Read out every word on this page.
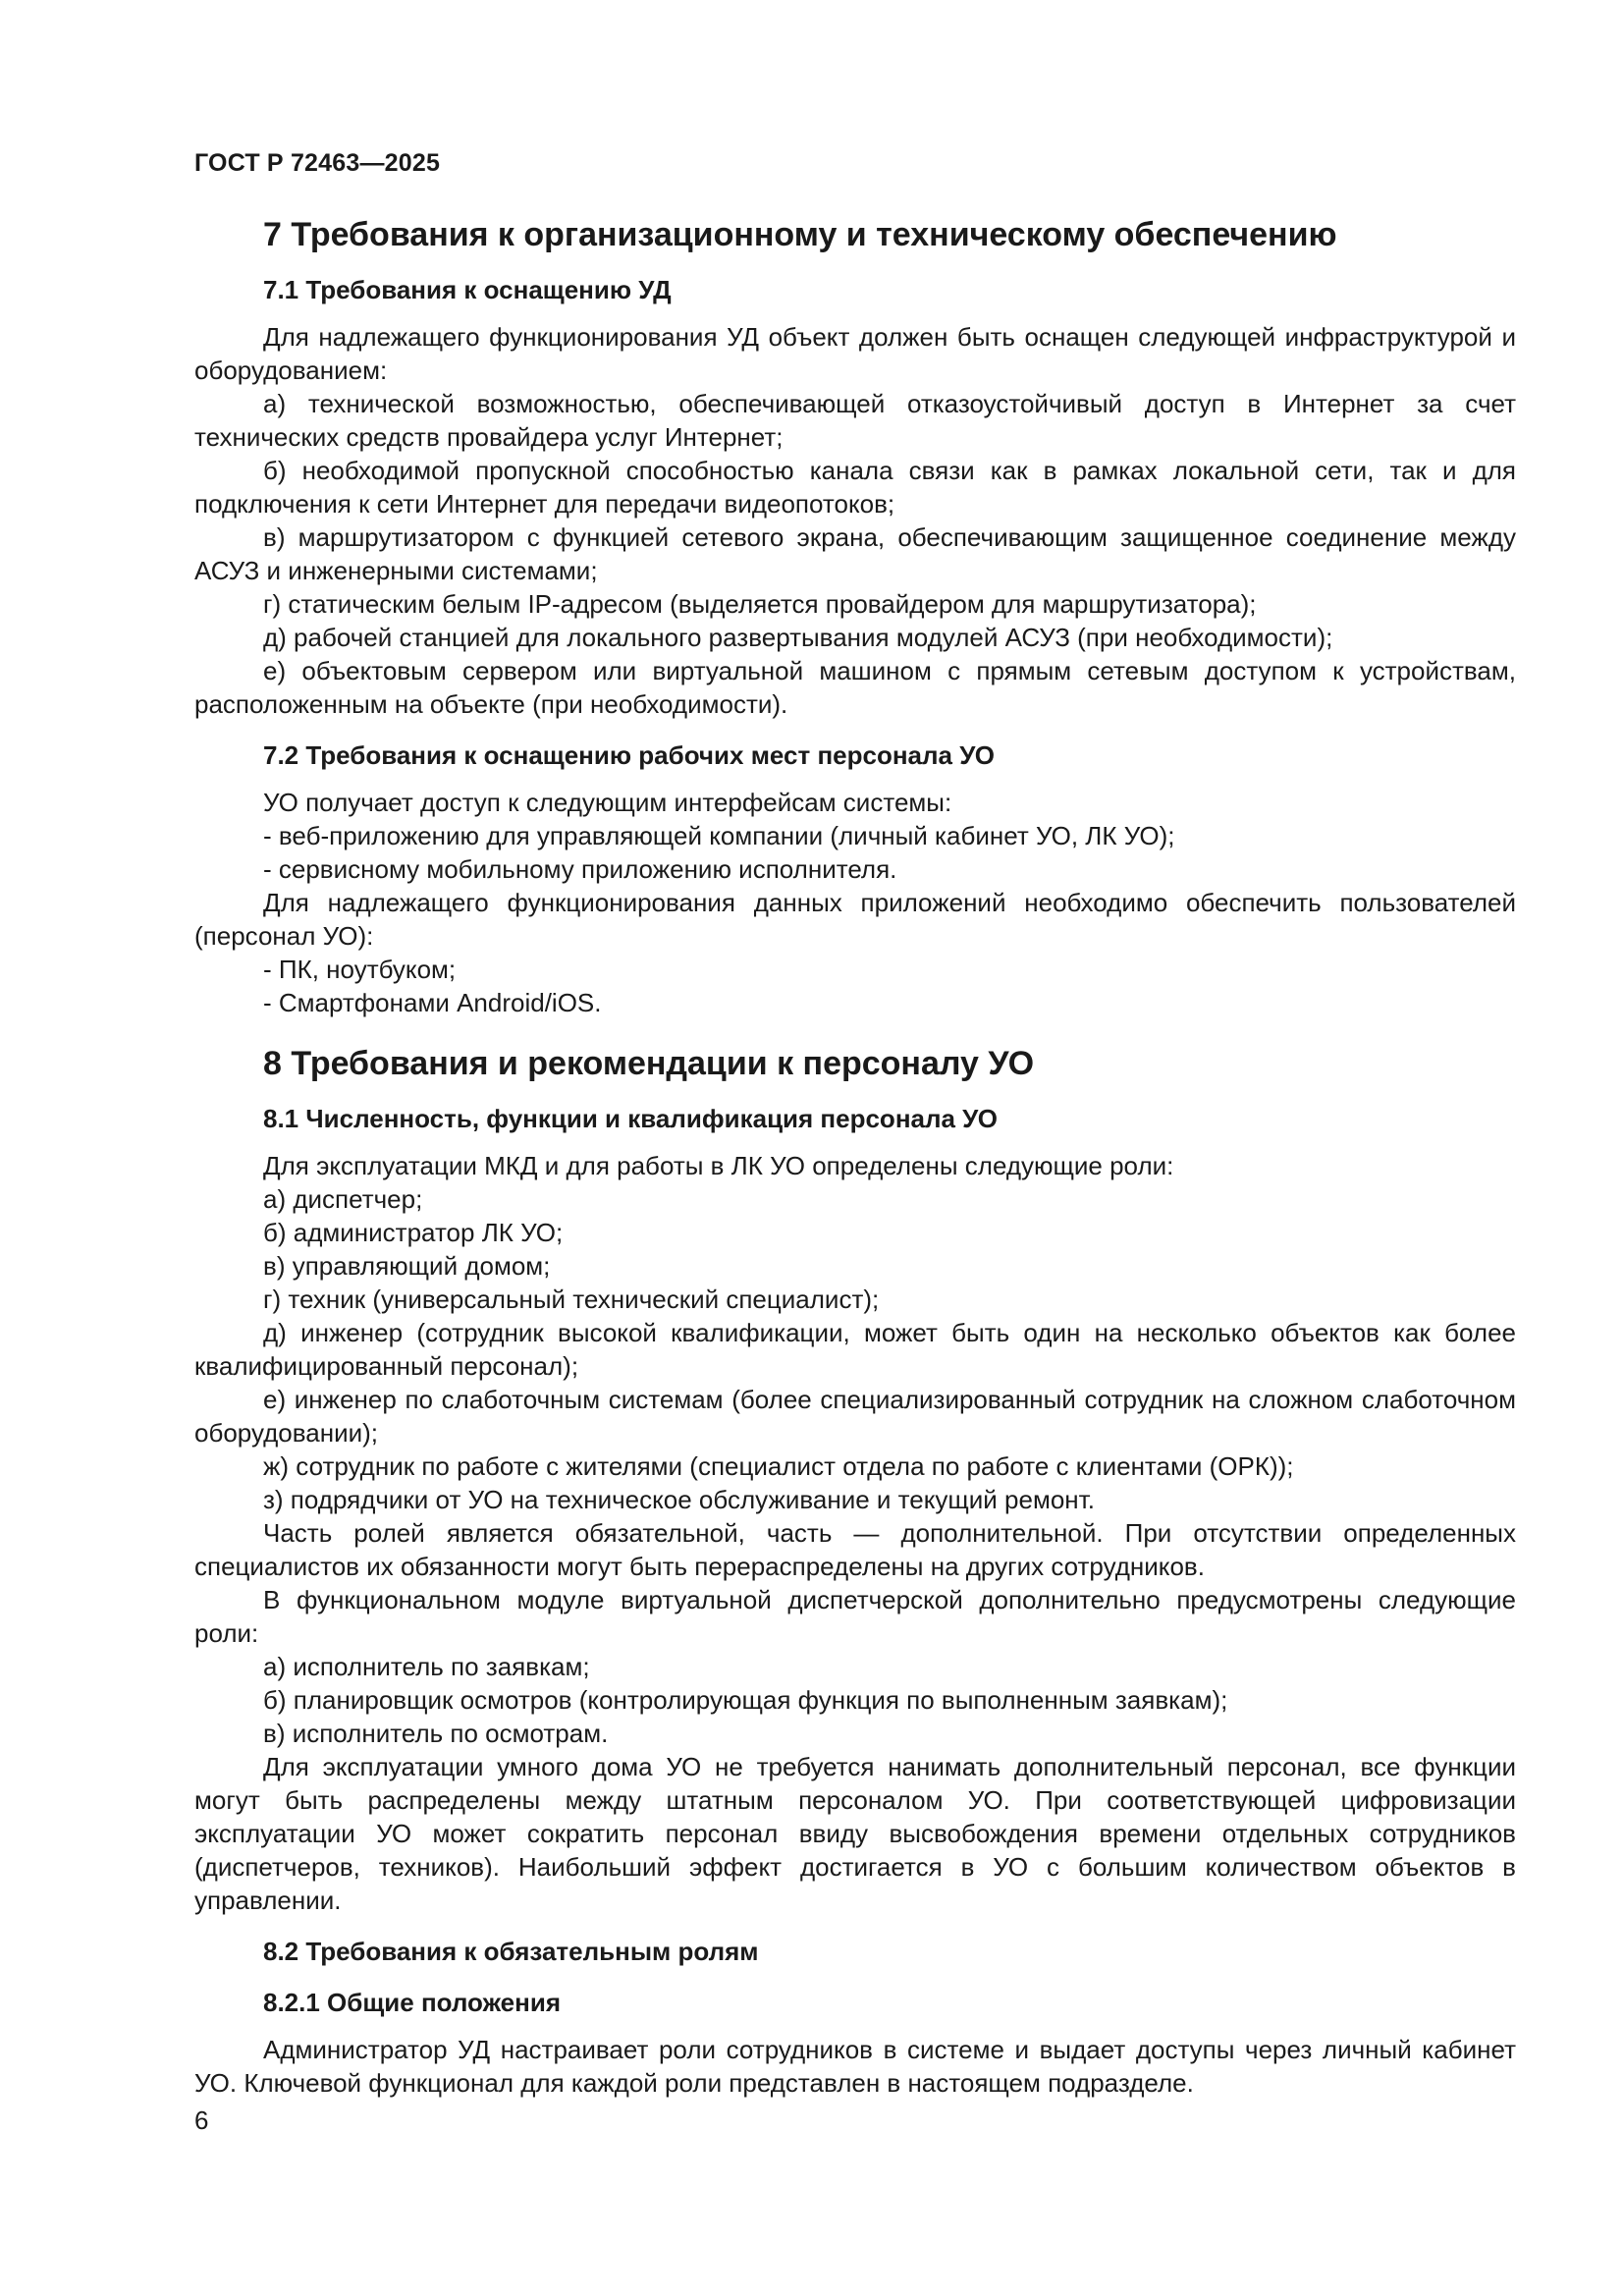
ГОСТ Р 72463—2025

7 Требования к организационному и техническому обеспечению

7.1 Требования к оснащению УД

Для надлежащего функционирования УД объект должен быть оснащен следующей инфраструктурой и оборудованием:

а) технической возможностью, обеспечивающей отказоустойчивый доступ в Интернет за счет технических средств провайдера услуг Интернет;

б) необходимой пропускной способностью канала связи как в рамках локальной сети, так и для подключения к сети Интернет для передачи видеопотоков;

в) маршрутизатором с функцией сетевого экрана, обеспечивающим защищенное соединение между АСУЗ и инженерными системами;

г) статическим белым IP-адресом (выделяется провайдером для маршрутизатора);

д) рабочей станцией для локального развертывания модулей АСУЗ (при необходимости);

е) объектовым сервером или виртуальной машином с прямым сетевым доступом к устройствам, расположенным на объекте (при необходимости).

7.2 Требования к оснащению рабочих мест персонала УО

УО получает доступ к следующим интерфейсам системы:

- веб-приложению для управляющей компании (личный кабинет УО, ЛК УО);

- сервисному мобильному приложению исполнителя.

Для надлежащего функционирования данных приложений необходимо обеспечить пользователей (персонал УО):

- ПК, ноутбуком;

- Смартфонами Android/iOS.

8 Требования и рекомендации к персоналу УО

8.1 Численность, функции и квалификация персонала УО

Для эксплуатации МКД и для работы в ЛК УО определены следующие роли:

а) диспетчер;

б) администратор ЛК УО;

в) управляющий домом;

г) техник (универсальный технический специалист);

д) инженер (сотрудник высокой квалификации, может быть один на несколько объектов как более квалифицированный персонал);

е) инженер по слаботочным системам (более специализированный сотрудник на сложном слаботочном оборудовании);

ж) сотрудник по работе с жителями (специалист отдела по работе с клиентами (ОРК));

з) подрядчики от УО на техническое обслуживание и текущий ремонт.

Часть ролей является обязательной, часть — дополнительной. При отсутствии определенных специалистов их обязанности могут быть перераспределены на других сотрудников.

В функциональном модуле виртуальной диспетчерской дополнительно предусмотрены следующие роли:

а) исполнитель по заявкам;

б) планировщик осмотров (контролирующая функция по выполненным заявкам);

в) исполнитель по осмотрам.

Для эксплуатации умного дома УО не требуется нанимать дополнительный персонал, все функции могут быть распределены между штатным персоналом УО. При соответствующей цифровизации эксплуатации УО может сократить персонал ввиду высвобождения времени отдельных сотрудников (диспетчеров, техников). Наибольший эффект достигается в УО с большим количеством объектов в управлении.

8.2 Требования к обязательным ролям

8.2.1 Общие положения

Администратор УД настраивает роли сотрудников в системе и выдает доступы через личный кабинет УО. Ключевой функционал для каждой роли представлен в настоящем подразделе.

6
